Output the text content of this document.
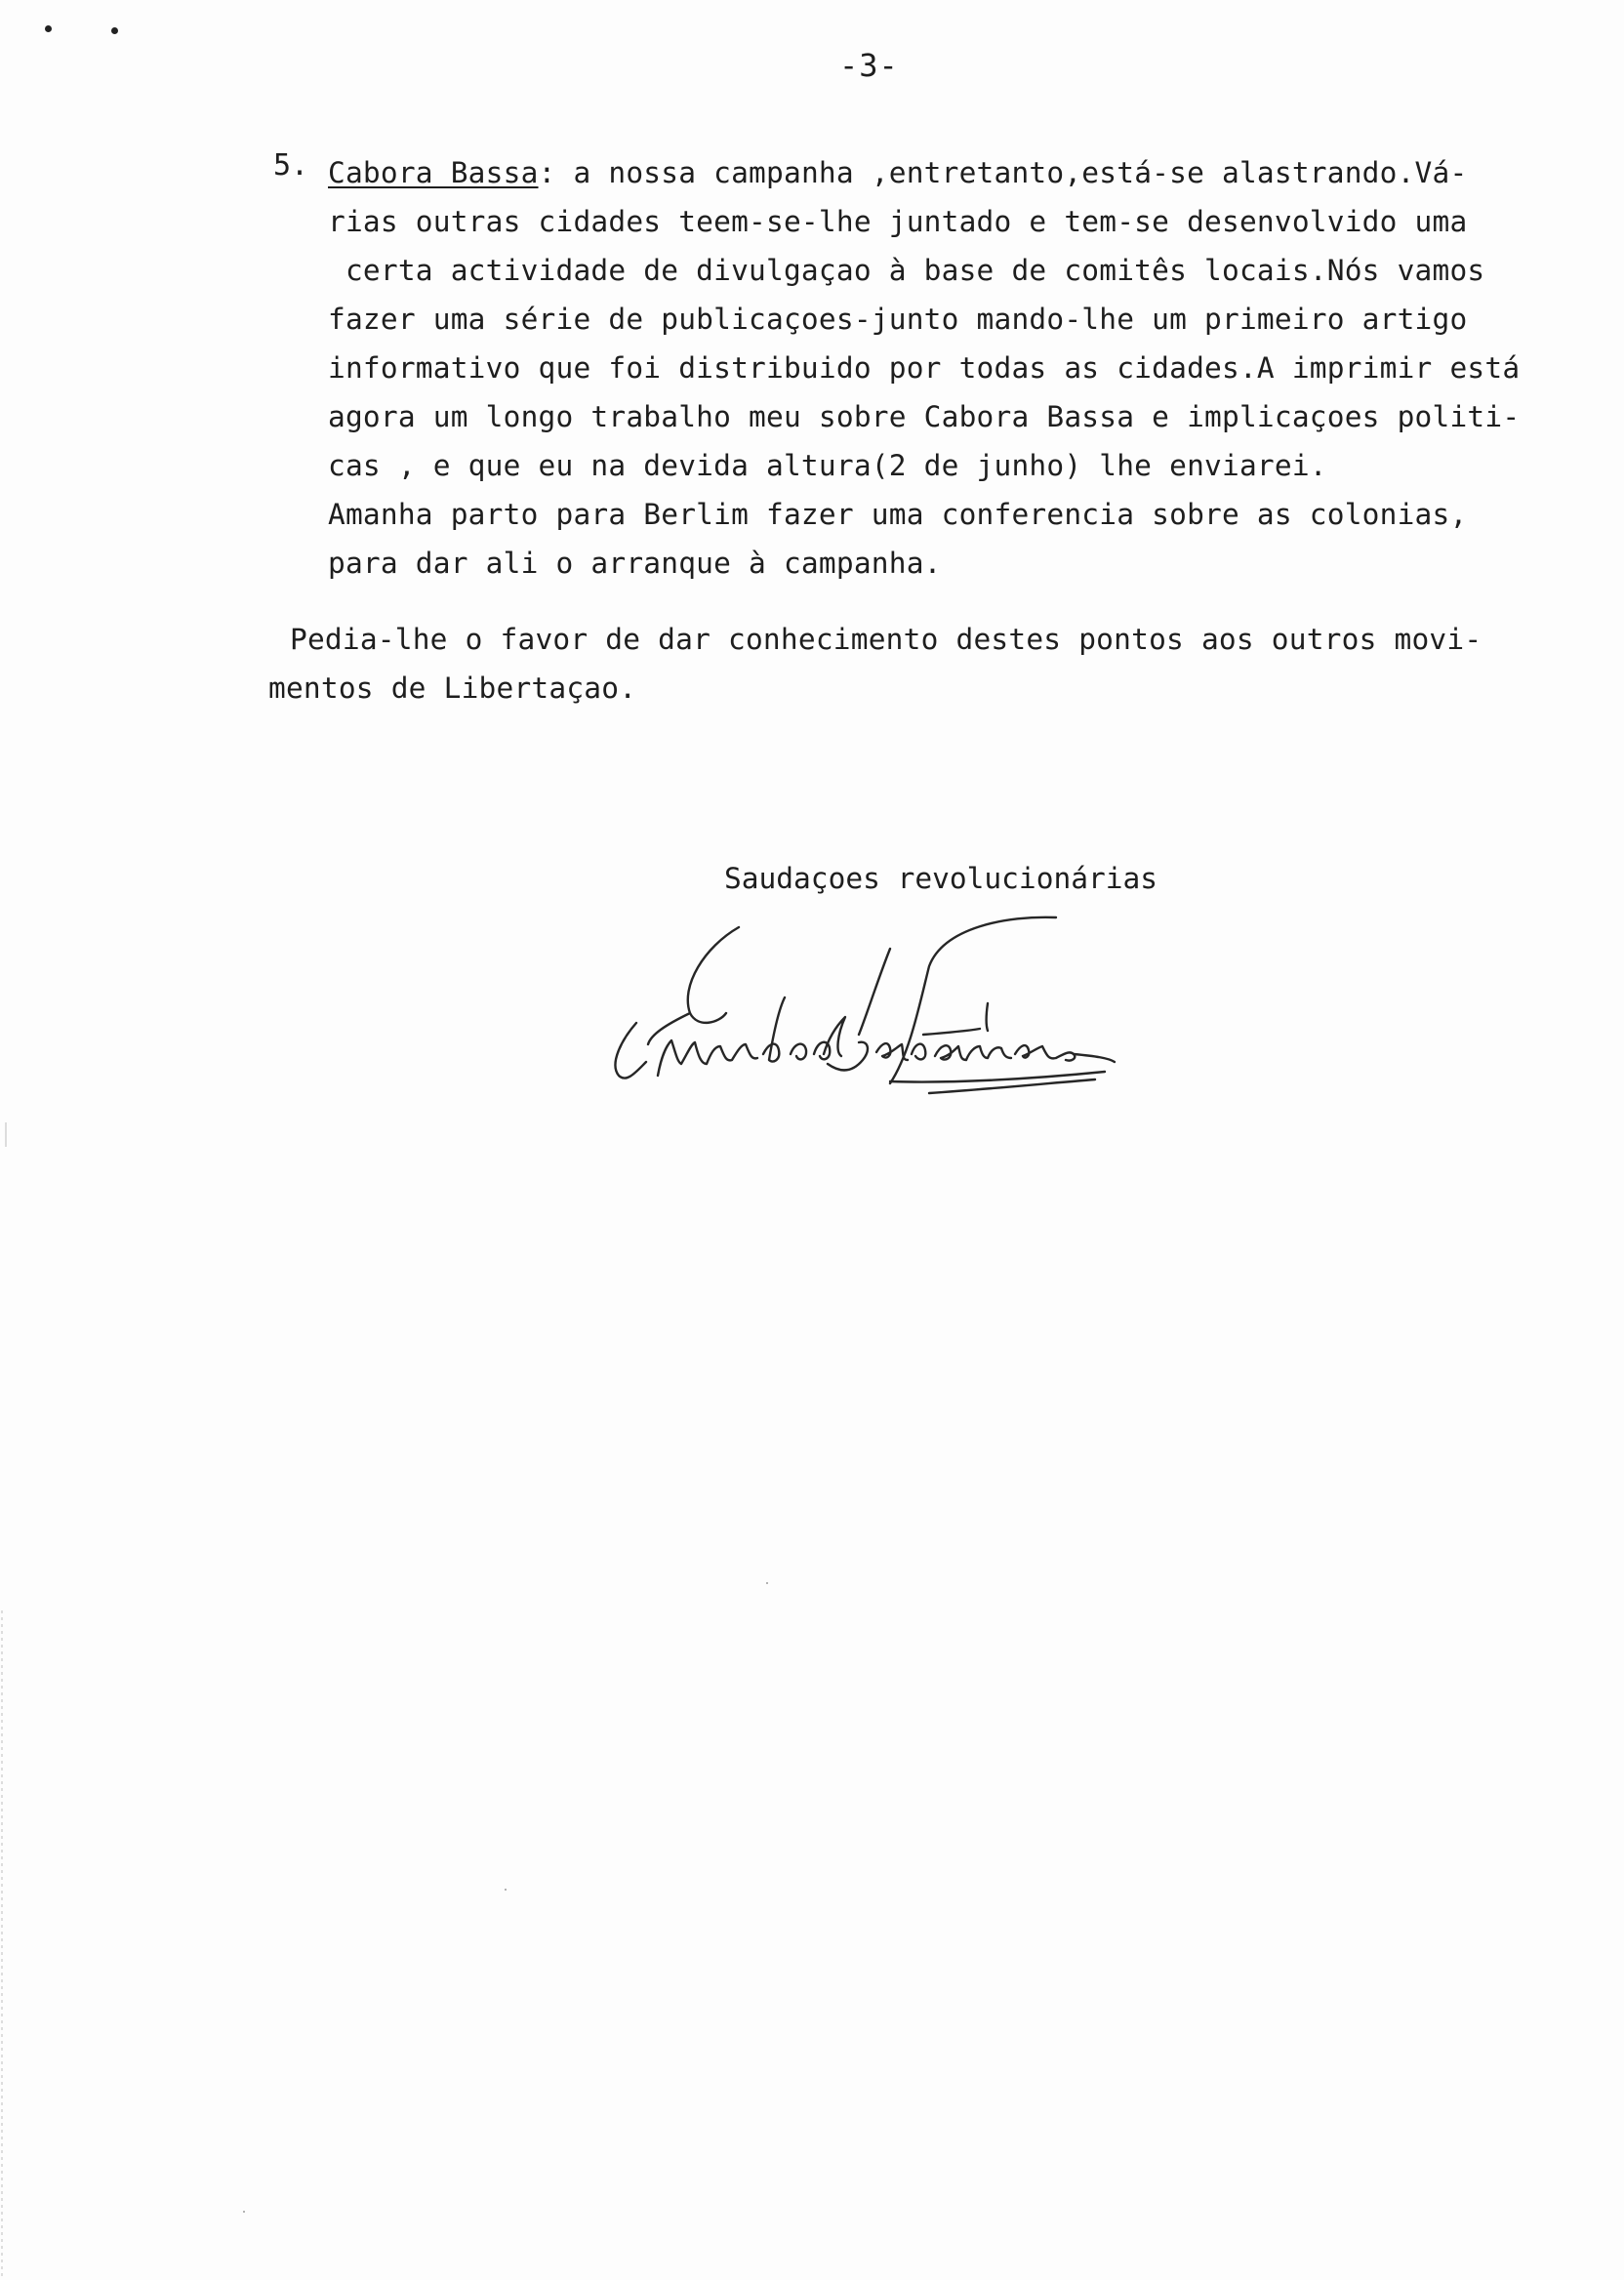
-3-
5. Cabora Bassa: a nossa campanha ,entretanto,está-se alastrando.Vá-
rias outras cidades teem-se-lhe juntado e tem-se desenvolvido uma
certa actividade de divulgaçao à base de comitês locais.Nós vamos
fazer uma série de publicaçoes-junto mando-lhe um primeiro artigo
informativo que foi distribuido por todas as cidades.A imprimir está
agora um longo trabalho meu sobre Cabora Bassa e implicaçoes politi-
cas , e que eu na devida altura(2 de junho) lhe enviarei.
Amanha parto para Berlim fazer uma conferencia sobre as colonias,
para dar ali o arranque à campanha.
Pedia-lhe o favor de dar conhecimento destes pontos aos outros movi-
mentos de Libertaçao.
Saudaçoes revolucionárias
